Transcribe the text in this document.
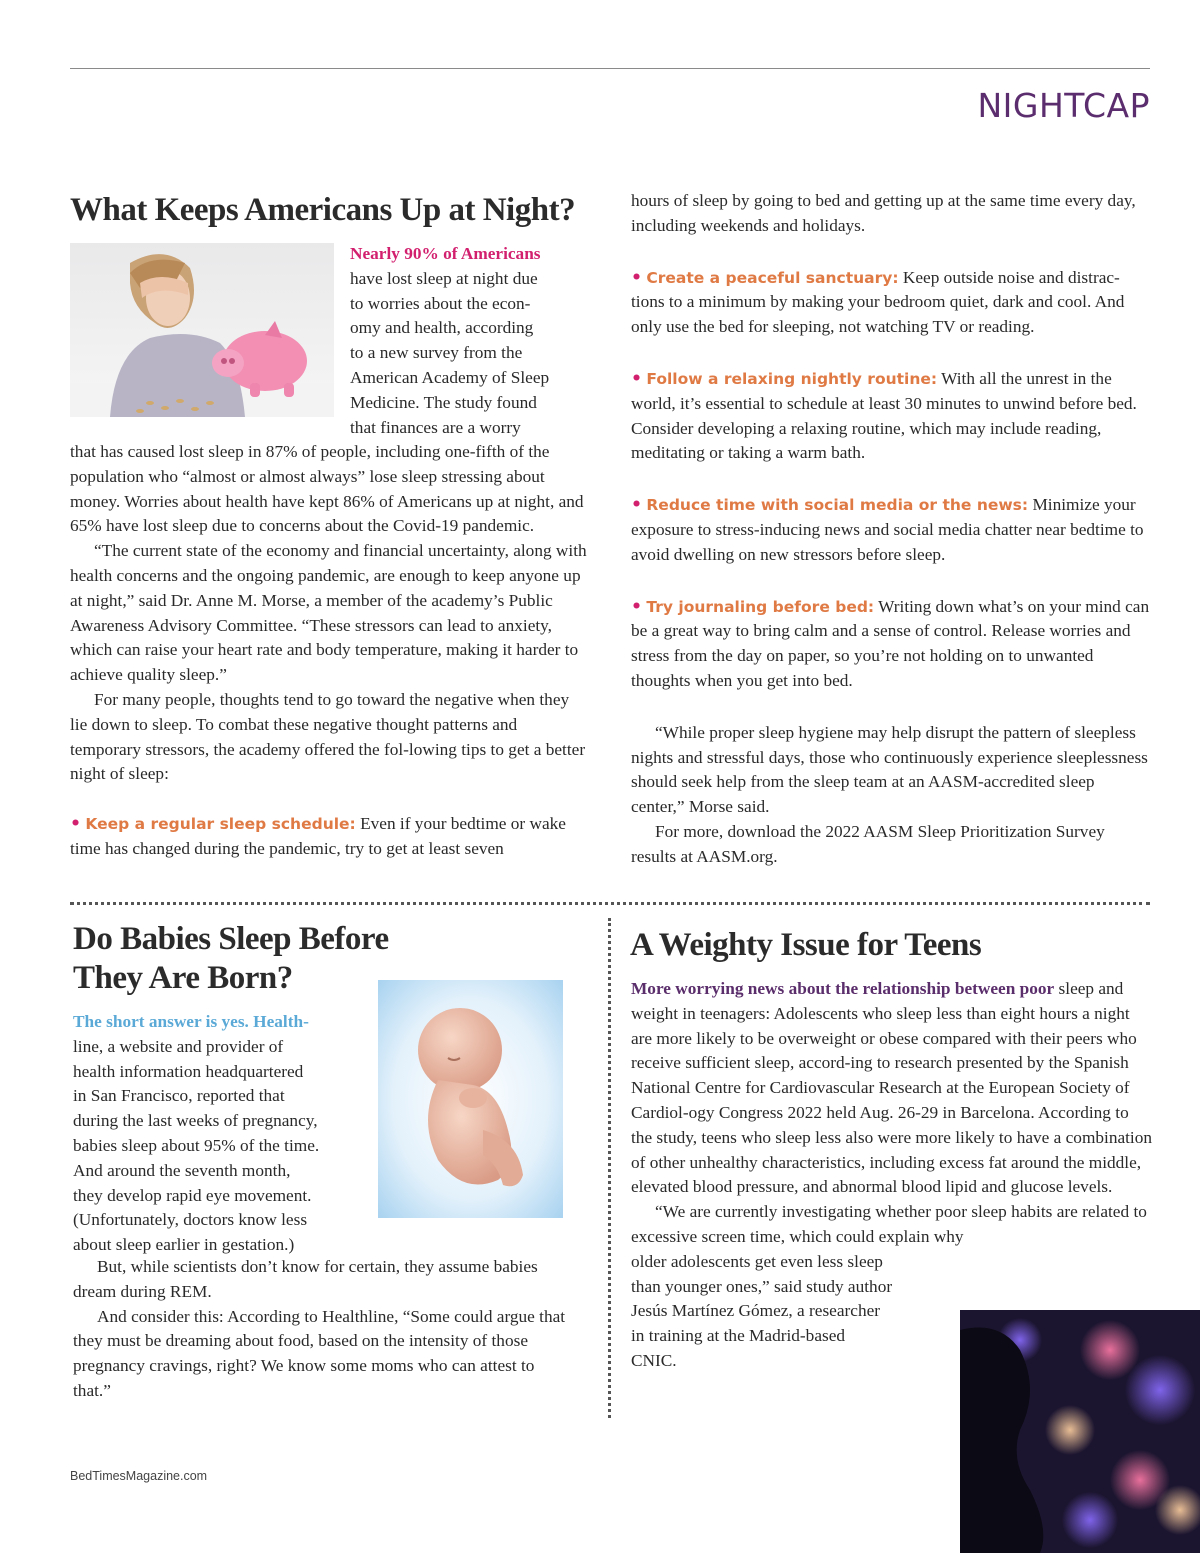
NIGHTCAP
What Keeps Americans Up at Night?
Nearly 90% of Americans
have lost sleep at night due
to worries about the econ-
omy and health, according
to a new survey from the
American Academy of Sleep
Medicine. The study found
that finances are a worry

that has caused lost sleep in 87% of people, including one-fifth of the population who “almost or almost always” lose sleep stressing about money. Worries about health have kept 86% of Americans up at night, and 65% have lost sleep due to concerns about the Covid-19 pandemic.

“The current state of the economy and financial uncertainty, along with health concerns and the ongoing pandemic, are enough to keep anyone up at night,” said Dr. Anne M. Morse, a member of the academy’s Public Awareness Advisory Committee. “These stressors can lead to anxiety, which can raise your heart rate and body temperature, making it harder to achieve quality sleep.”

For many people, thoughts tend to go toward the negative when they lie down to sleep. To combat these negative thought patterns and temporary stressors, the academy offered the fol-lowing tips to get a better night of sleep:

• Keep a regular sleep schedule: Even if your bedtime or wake time has changed during the pandemic, try to get at least seven

hours of sleep by going to bed and getting up at the same time every day, including weekends and holidays.

• Create a peaceful sanctuary: Keep outside noise and distrac-tions to a minimum by making your bedroom quiet, dark and cool. And only use the bed for sleeping, not watching TV or reading.

• Follow a relaxing nightly routine: With all the unrest in the world, it’s essential to schedule at least 30 minutes to unwind before bed. Consider developing a relaxing routine, which may include reading, meditating or taking a warm bath.

• Reduce time with social media or the news: Minimize your exposure to stress-inducing news and social media chatter near bedtime to avoid dwelling on new stressors before sleep.

• Try journaling before bed: Writing down what’s on your mind can be a great way to bring calm and a sense of control. Release worries and stress from the day on paper, so you’re not holding on to unwanted thoughts when you get into bed.

“While proper sleep hygiene may help disrupt the pattern of sleepless nights and stressful days, those who continuously experience sleeplessness should seek help from the sleep team at an AASM-accredited sleep center,” Morse said.

For more, download the 2022 AASM Sleep Prioritization Survey results at AASM.org.

Do Babies Sleep Before
They Are Born?
The short answer is yes. Health-
line, a website and provider of
health information headquartered
in San Francisco, reported that
during the last weeks of pregnancy,
babies sleep about 95% of the time.
And around the seventh month,
they develop rapid eye movement.
(Unfortunately, doctors know less
about sleep earlier in gestation.)

But, while scientists don’t know for certain, they assume babies dream during REM.

And consider this: According to Healthline, “Some could argue that they must be dreaming about food, based on the intensity of those pregnancy cravings, right? We know some moms who can attest to that.”

A Weighty Issue for Teens

More worrying news about the relationship between poor sleep and weight in teenagers: Adolescents who sleep less than eight hours a night are more likely to be overweight or obese compared with their peers who receive sufficient sleep, accord-ing to research presented by the Spanish National Centre for Cardiovascular Research at the European Society of Cardiol-ogy Congress 2022 held Aug. 26-29 in Barcelona. According to the study, teens who sleep less also were more likely to have a combination of other unhealthy characteristics, including excess fat around the middle, elevated blood pressure, and abnormal blood lipid and glucose levels.

“We are currently investigating whether poor sleep habits are related to excessive screen time, which could explain why

older adolescents get even less sleep
than younger ones,” said study author
Jesús Martínez Gómez, a researcher
in training at the Madrid-based
CNIC.
BedTimesMagazine.com
